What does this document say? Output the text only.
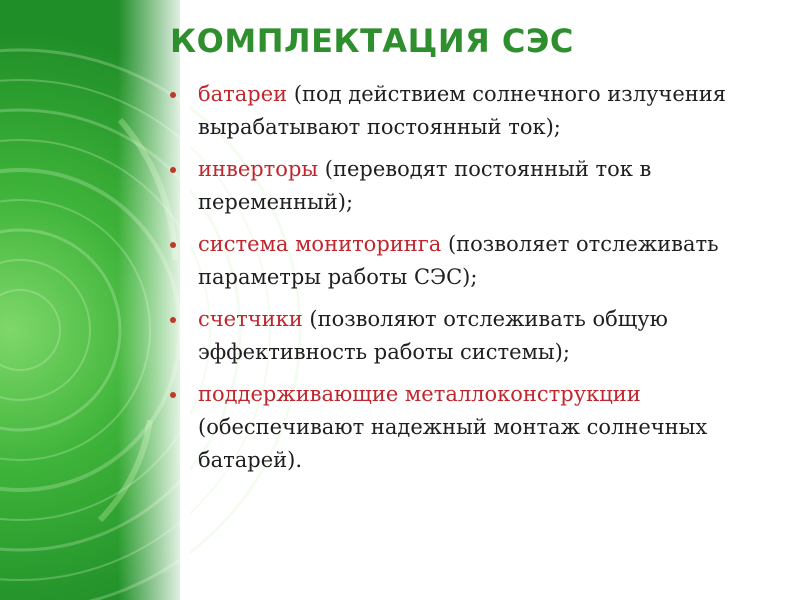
КОМПЛЕКТАЦИЯ СЭС
батареи (под действием солнечного излучения вырабатывают постоянный ток);
инверторы (переводят постоянный ток в переменный);
система мониторинга (позволяет отслеживать параметры работы СЭС);
счетчики (позволяют отслеживать общую эффективность работы системы);
поддерживающие металлоконструкции (обеспечивают надежный монтаж солнечных батарей).
